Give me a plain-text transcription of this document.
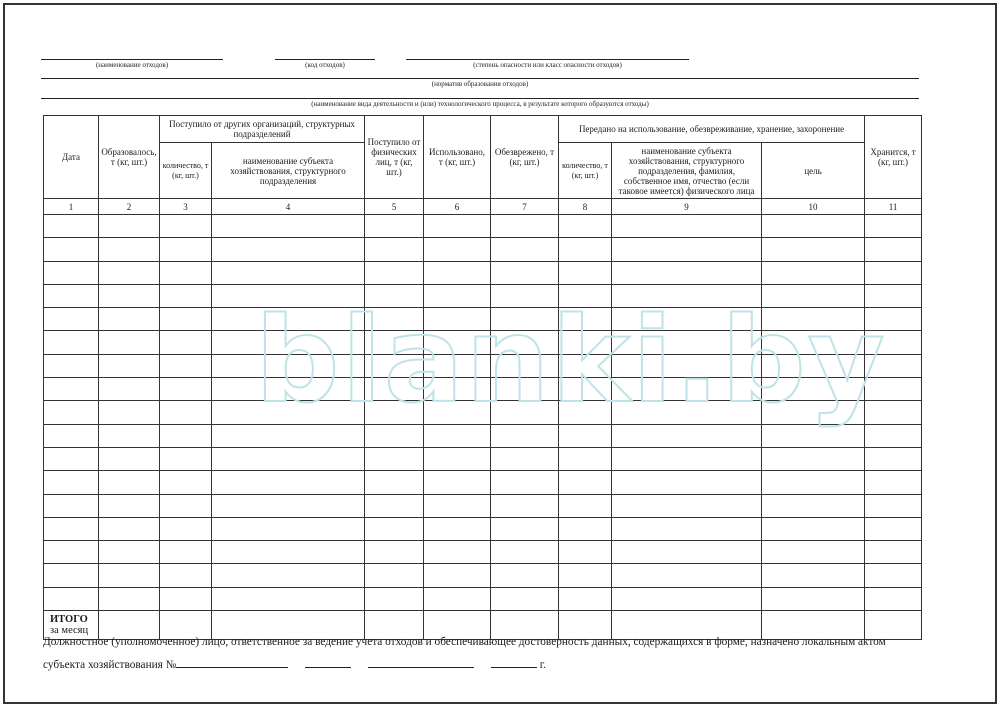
(наименование отходов)	(код отходов)	(степень опасности или класс опасности отходов)
(норматив образования отходов)
(наименование вида деятельности и (или) технологического процесса, в результате которого образуются отходы)
Дата	Образовалось, т (кг, шт.)	Поступило от других организаций, структурных подразделений		Поступило от физических лиц, т (кг, шт.)	Использовано, т (кг, шт.)	Обезврежено, т (кг, шт.)	Передано на использование, обезвреживание, хранение, захоронение			Хранится, т (кг, шт.)
		количество, т (кг, шт.)	наименование субъекта хозяйствования, структурного подразделения				количество, т (кг, шт.)	наименование субъекта хозяйствования, структурного подразделения, фамилия, собственное имя, отчество (если таковое имеется) физического лица	цель	
1	2	3	4	5	6	7	8	9	10	11

ИТОГО
за месяц										
blanki.by
Должностное (уполномоченное) лицо, ответственное за ведение учета отходов и обеспечивающее достоверность данных, содержащихся в форме, назначено локальным актом
субъекта хозяйствования №	г.
